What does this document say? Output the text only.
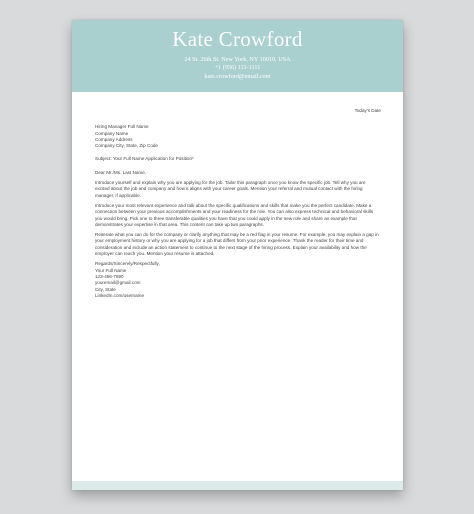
Kate Crowford
24 St. 26th St. New York, NY 10010, USA
+1 (956) 111-1111
kate.crowford@email.com
Today's Date
Hiring Manager Full Name
Company Name
Company Address
Company City, State, Zip Code
Subject: Your Full Name Application for Position*
Dear Mr./Ms. Last Name,

Introduce yourself and explain why you are applying for the job. Tailor this paragraph once you know the specific job. Tell why you are excited about the job and company and how it aligns with your career goals. Mention your referral and mutual contact with the hiring manager, if applicable.

Introduce your most relevant experience and talk about the specific qualifications and skills that make you the perfect candidate. Make a connection between your previous accomplishments and your readiness for the role. You can also express technical and behavioral skills you would bring. Pick one to three transferable qualities you have that you could apply in the new role and share an example that demonstrates your expertise in that area. This content can take up two paragraphs.

Reiterate what you can do for the company or clarify anything that may be a red flag in your resume. For example, you may explain a gap in your employment history or why you are applying for a job that differs from your prior experience. Thank the reader for their time and consideration and include an action statement to continue to the next stage of the hiring process. Explain your availability and how the employer can reach you. Mention your resume is attached.

Regards/Sincerely/Respectfully,
Your Full Name
123-456-7890
youremail@gmail.com
City, State
LinkedIn.com/username
